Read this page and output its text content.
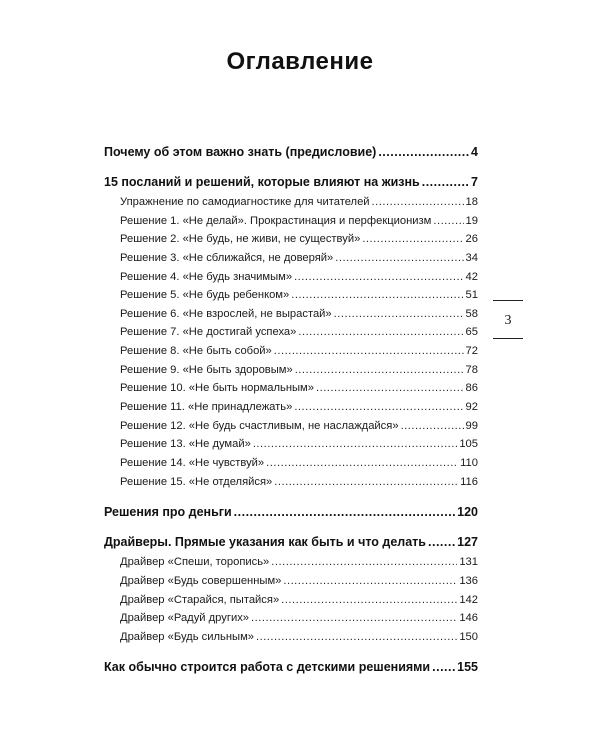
Оглавление
Почему об этом важно знать (предисловие) .....	4
15 посланий и решений, которые влияют на жизнь .....	7
Упражнение по самодиагностике для читателей .....	18
Решение 1. «Не делай». Прокрастинация и перфекционизм .....	19
Решение 2. «Не будь, не живи, не существуй» .....	26
Решение 3. «Не сближайся, не доверяй» .....	34
Решение 4. «Не будь значимым» .....	42
Решение 5. «Не будь ребенком» .....	51
Решение 6. «Не взрослей, не вырастай» .....	58
Решение 7. «Не достигай успеха» .....	65
Решение 8. «Не быть собой» .....	72
Решение 9. «Не быть здоровым» .....	78
Решение 10. «Не быть нормальным» .....	86
Решение 11. «Не принадлежать» .....	92
Решение 12. «Не будь счастливым, не наслаждайся» .....	99
Решение 13. «Не думай» .....	105
Решение 14. «Не чувствуй» .....	110
Решение 15. «Не отделяйся» .....	116
Решения про деньги .....	120
Драйверы. Прямые указания как быть и что делать ..... 127
Драйвер «Спеши, торопись» .....	131
Драйвер «Будь совершенным» .....	136
Драйвер «Старайся, пытайся» .....	142
Драйвер «Радуй других» .....	146
Драйвер «Будь сильным» .....	150
Как обычно строится работа с детскими решениями ..... 155
3
